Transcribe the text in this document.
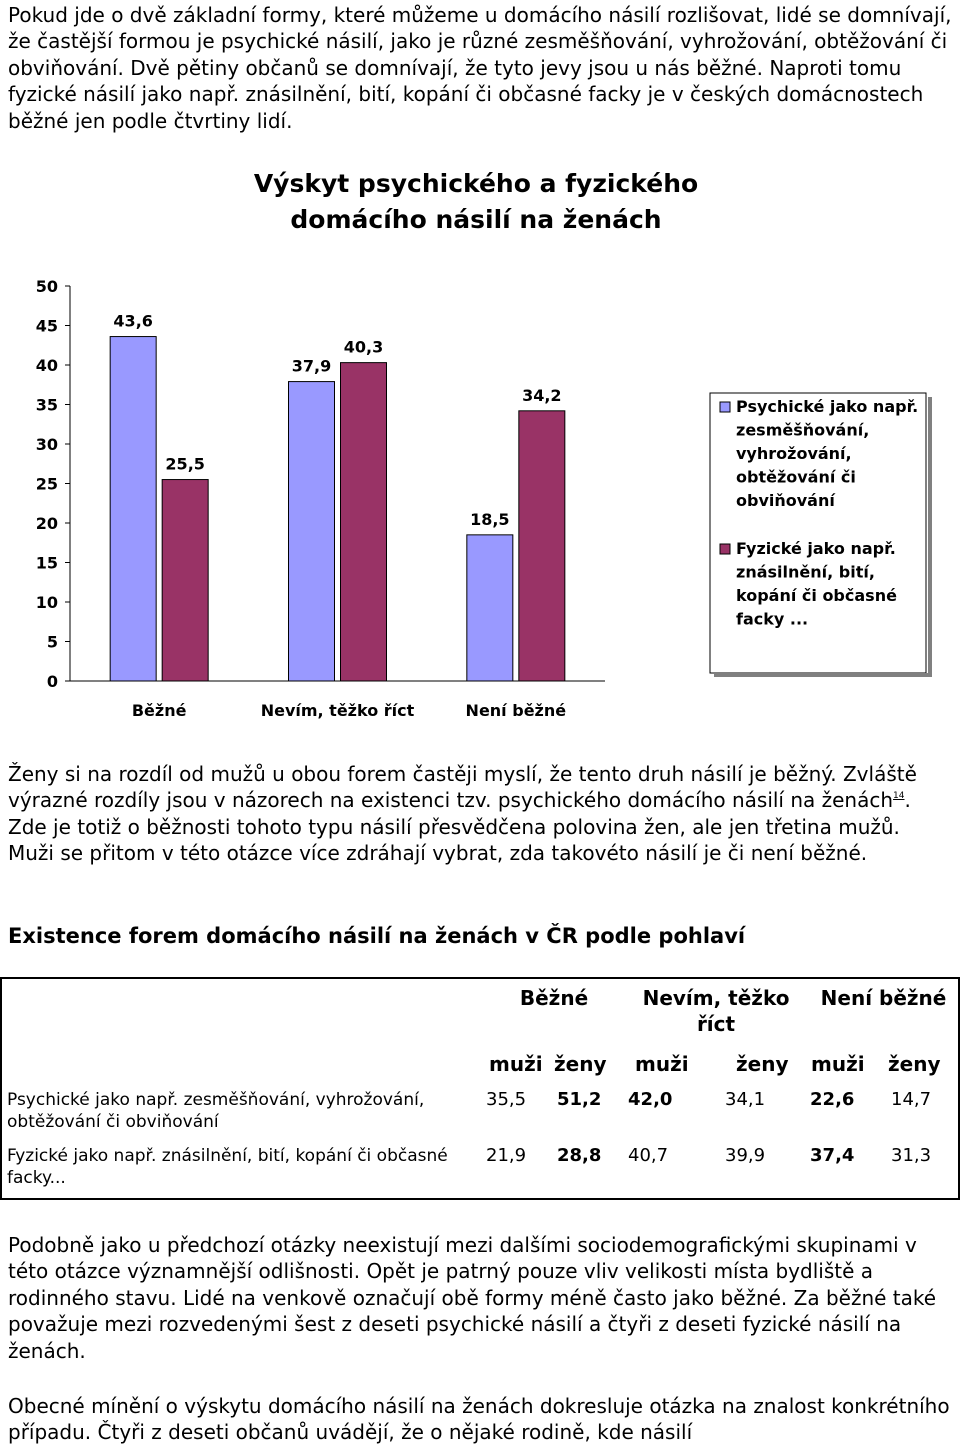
Pokud jde o dvě základní formy, které můžeme u domácího násilí rozlišovat, lidé se domnívají, že častější formou je psychické násilí, jako je různé zesměšňování, vyhrožování, obtěžování či obviňování. Dvě pětiny občanů se domnívají, že tyto jevy jsou u nás běžné. Naproti tomu fyzické násilí jako např. znásilnění, bití, kopání či občasné facky je v českých domácnostech běžné jen podle čtvrtiny lidí.

Výskyt psychického a fyzického
domácího násilí na ženách
0
5
10
15
20
25
30
35
40
45
50
43,6
25,5
Běžné
37,9
40,3
Nevím, těžko říct
18,5
34,2
Není běžné
Psychické jako např.
zesměšňování,
vyhrožování,
obtěžování či
obviňování
Fyzické jako např.
znásilnění, bití,
kopání či občasné
facky ...

Ženy si na rozdíl od mužů u obou forem častěji myslí, že tento druh násilí je běžný. Zvláště výrazné rozdíly jsou v názorech na existenci tzv. psychického domácího násilí na ženách$^{14}$. Zde je totiž o běžnosti tohoto typu násilí přesvědčena polovina žen, ale jen třetina mužů. Muži se přitom v této otázce více zdráhají vybrat, zda takovéto násilí je či není běžné.

Existence forem domácího násilí na ženách v ČR podle pohlaví
	Běžné		Nevím, těžko říct		Není běžné	
	muži	ženy	muži	ženy	muži	ženy
Psychické jako např. zesměšňování, vyhrožování, obtěžování či obviňování	35,5	51,2	42,0	34,1	22,6	14,7
Fyzické jako např. znásilnění, bití, kopání či občasné facky...	21,9	28,8	40,7	39,9	37,4	31,3

Podobně jako u předchozí otázky neexistují mezi dalšími sociodemografickými skupinami v této otázce významnější odlišnosti. Opět je patrný pouze vliv velikosti místa bydliště a rodinného stavu. Lidé na venkově označují obě formy méně často jako běžné. Za běžné také považuje mezi rozvedenými šest z deseti psychické násilí a čtyři z deseti fyzické násilí na ženách.

Obecné mínění o výskytu domácího násilí na ženách dokresluje otázka na znalost konkrétního případu. Čtyři z deseti občanů uvádějí, že o nějaké rodině, kde násilí
